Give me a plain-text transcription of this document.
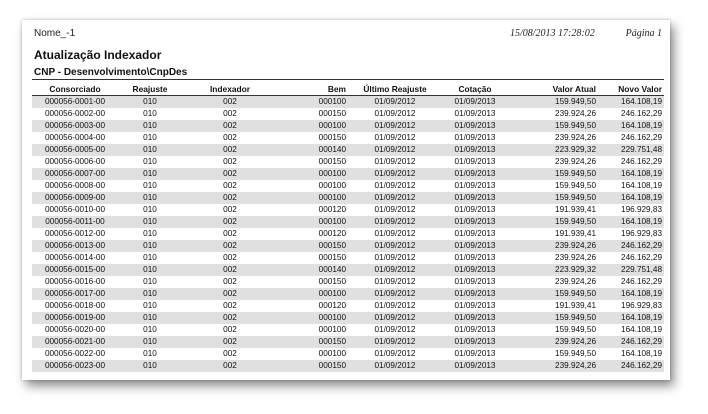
Nome_-1	15/08/2013 17:28:02	Página 1
Atualização Indexador
CNP - Desenvolvimento\CnpDes
Consorciado	Reajuste	Indexador	Bem	Último Reajuste	Cotação	Valor Atual	Novo Valor
000056-0001-00	010	002	000100	01/09/2012	01/09/2013	159.949,50	164.108,19
000056-0002-00	010	002	000150	01/09/2012	01/09/2013	239.924,26	246.162,29
000056-0003-00	010	002	000100	01/09/2012	01/09/2013	159.949,50	164.108,19
000056-0004-00	010	002	000150	01/09/2012	01/09/2013	239.924,26	246.162,29
000056-0005-00	010	002	000140	01/09/2012	01/09/2013	223.929,32	229.751,48
000056-0006-00	010	002	000150	01/09/2012	01/09/2013	239.924,26	246.162,29
000056-0007-00	010	002	000100	01/09/2012	01/09/2013	159.949,50	164.108,19
000056-0008-00	010	002	000100	01/09/2012	01/09/2013	159.949,50	164.108,19
000056-0009-00	010	002	000100	01/09/2012	01/09/2013	159.949,50	164.108,19
000056-0010-00	010	002	000120	01/09/2012	01/09/2013	191.939,41	196.929,83
000056-0011-00	010	002	000100	01/09/2012	01/09/2013	159.949,50	164.108,19
000056-0012-00	010	002	000120	01/09/2012	01/09/2013	191.939,41	196.929,83
000056-0013-00	010	002	000150	01/09/2012	01/09/2013	239.924,26	246.162,29
000056-0014-00	010	002	000150	01/09/2012	01/09/2013	239.924,26	246.162,29
000056-0015-00	010	002	000140	01/09/2012	01/09/2013	223.929,32	229.751,48
000056-0016-00	010	002	000150	01/09/2012	01/09/2013	239.924,26	246.162,29
000056-0017-00	010	002	000100	01/09/2012	01/09/2013	159.949,50	164.108,19
000056-0018-00	010	002	000120	01/09/2012	01/09/2013	191.939,41	196.929,83
000056-0019-00	010	002	000100	01/09/2012	01/09/2013	159.949,50	164.108,19
000056-0020-00	010	002	000100	01/09/2012	01/09/2013	159.949,50	164.108,19
000056-0021-00	010	002	000150	01/09/2012	01/09/2013	239.924,26	246.162,29
000056-0022-00	010	002	000100	01/09/2012	01/09/2013	159.949,50	164.108,19
000056-0023-00	010	002	000150	01/09/2012	01/09/2013	239.924,26	246.162,29
